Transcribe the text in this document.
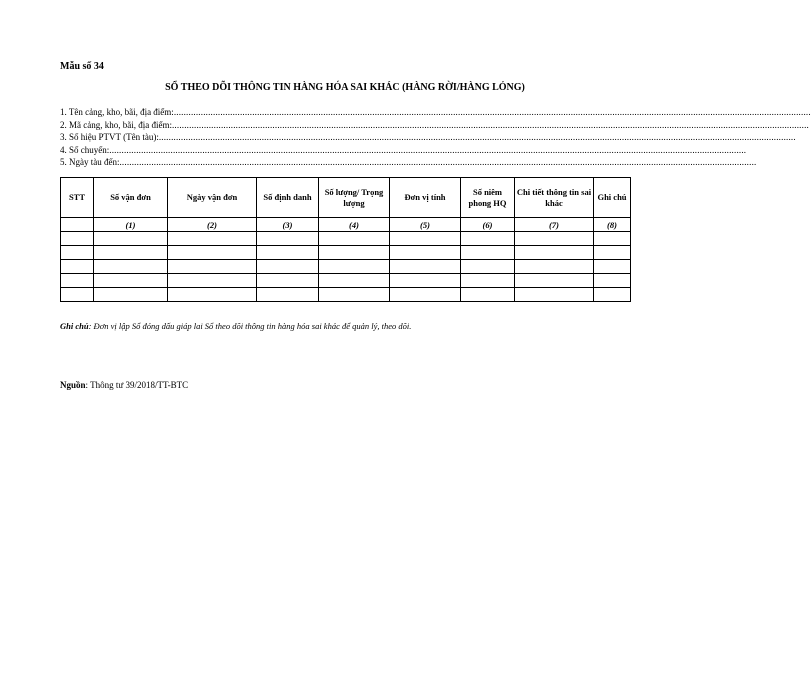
Mẫu số 34
SỔ THEO DÕI THÔNG TIN HÀNG HÓA SAI KHÁC (HÀNG RỜI/HÀNG LỎNG)
1. Tên cảng, kho, bãi, địa điểm: ....................................................................................................................................................................................................................................................................
2. Mã cảng, kho, bãi, địa điểm: ....................................................................................................................................................................................................................................................................
3. Số hiệu PTVT (Tên tàu): ....................................................................................................................................................................................................................................................................
4. Số chuyến: ....................................................................................................................................................................................................................................................................
5. Ngày tàu đến: ....................................................................................................................................................................................................................................................................
STT	Số vận đơn	Ngày vận đơn	Số định danh	Số lượng/ Trọng lượng	Đơn vị tính	Số niêm phong HQ	Chi tiết thông tin sai khác	Ghi chú
	(1)	(2)	(3)	(4)	(5)	(6)	(7)	(8)

Ghi chú: Đơn vị lập Sổ đóng dấu giáp lai Sổ theo dõi thông tin hàng hóa sai khác để quản lý, theo dõi.
Nguồn: Thông tư 39/2018/TT-BTC
